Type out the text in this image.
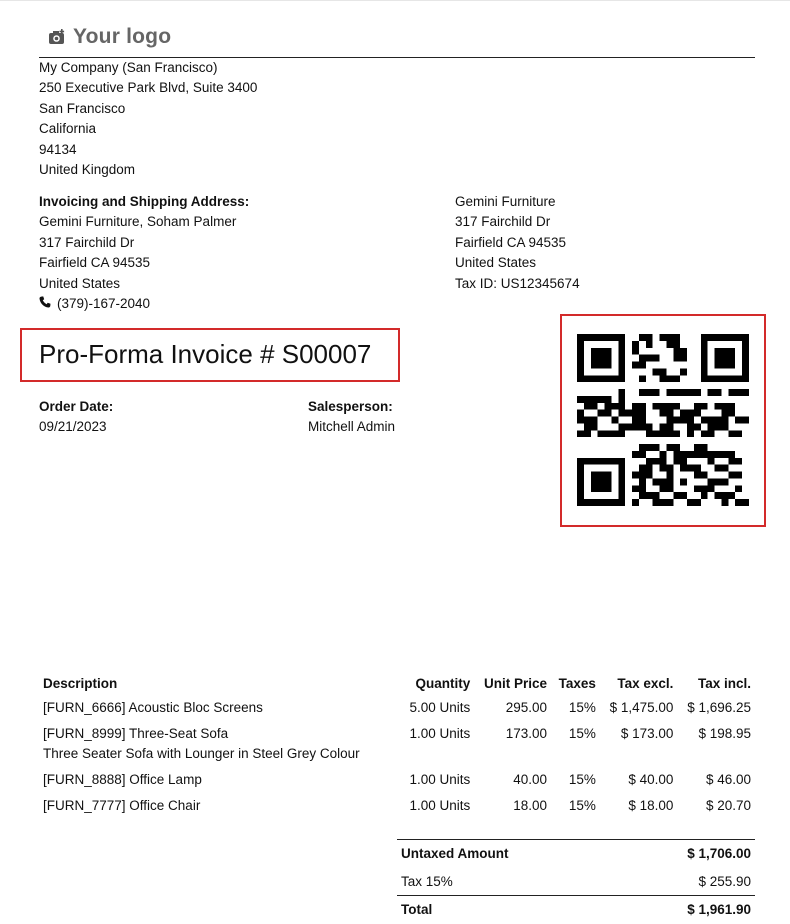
Your logo
My Company (San Francisco)
250 Executive Park Blvd, Suite 3400
San Francisco
California
94134
United Kingdom
Invoicing and Shipping Address:
Gemini Furniture, Soham Palmer
317 Fairchild Dr
Fairfield CA 94535
United States
(379)-167-2040
Gemini Furniture
317 Fairchild Dr
Fairfield CA 94535
United States
Tax ID: US12345674
Pro-Forma Invoice # S00007
Order Date:
09/21/2023
Salesperson:
Mitchell Admin
Description	Quantity	Unit Price	Taxes	Tax excl.	Tax incl.
[FURN_6666] Acoustic Bloc Screens	5.00 Units	295.00	15%	$ 1,475.00	$ 1,696.25

[FURN_8999] Three-Seat Sofa
Three Seater Sofa with Lounger in Steel Grey Colour	1.00 Units	173.00	15%	$ 173.00	$ 198.95
[FURN_8888] Office Lamp	1.00 Units	40.00	15%	$ 40.00	$ 46.00
[FURN_7777] Office Chair	1.00 Units	18.00	15%	$ 18.00	$ 20.70
Untaxed Amount	$ 1,706.00
Tax 15%	$ 255.90
Total	$ 1,961.90
